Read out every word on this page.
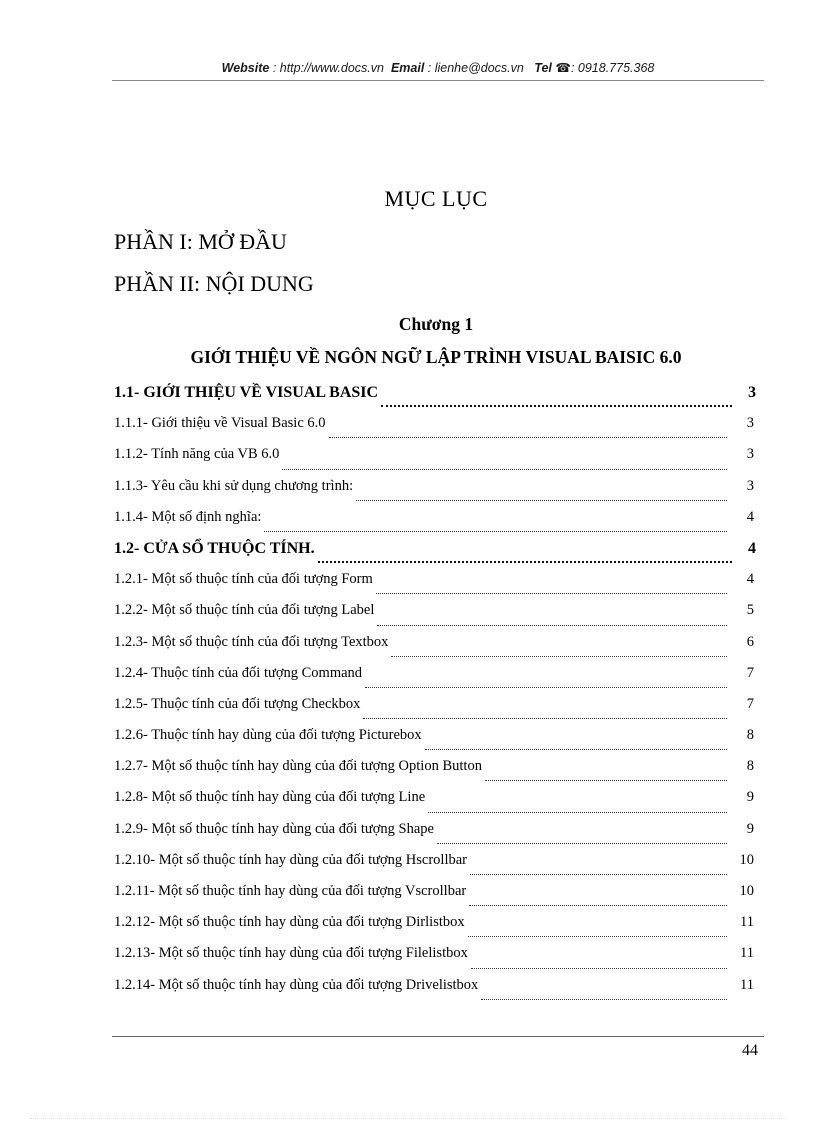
Website : http://www.docs.vn Email : lienhe@docs.vn Tel ☎: 0918.775.368
MỤC LỤC
PHẦN I: MỞ ĐẦU
PHẦN II: NỘI DUNG
Chương 1
GIỚI THIỆU VỀ NGÔN NGỮ LẬP TRÌNH VISUAL BAISIC 6.0
1.1- GIỚI THIỆU VỀ VISUAL BASIC	3
1.1.1- Giới thiệu về Visual Basic 6.0	3
1.1.2- Tính năng của VB 6.0	3
1.1.3- Yêu cầu khi sử dụng chương trình:	3
1.1.4- Một số định nghĩa:	4
1.2- CỬA SỔ THUỘC TÍNH.	4
1.2.1- Một số thuộc tính của đối tượng Form	4
1.2.2- Một số thuộc tính của đối tượng Label	5
1.2.3- Một số thuộc tính của đối tượng Textbox	6
1.2.4- Thuộc tính của đối tượng Command	7
1.2.5- Thuộc tính của đối tượng Checkbox	7
1.2.6- Thuộc tính hay dùng của đối tượng Picturebox	8
1.2.7- Một số thuộc tính hay dùng của đối tượng Option Button	8
1.2.8- Một số thuộc tính hay dùng của đối tượng Line	9
1.2.9- Một số thuộc tính hay dùng của đối tượng Shape	9
1.2.10- Một số thuộc tính hay dùng của đối tượng Hscrollbar	10
1.2.11- Một số thuộc tính hay dùng của đối tượng Vscrollbar	10
1.2.12- Một số thuộc tính hay dùng của đối tượng Dirlistbox	11
1.2.13- Một số thuộc tính hay dùng của đối tượng Filelistbox	11
1.2.14- Một số thuộc tính hay dùng của đối tượng Drivelistbox	11
44
